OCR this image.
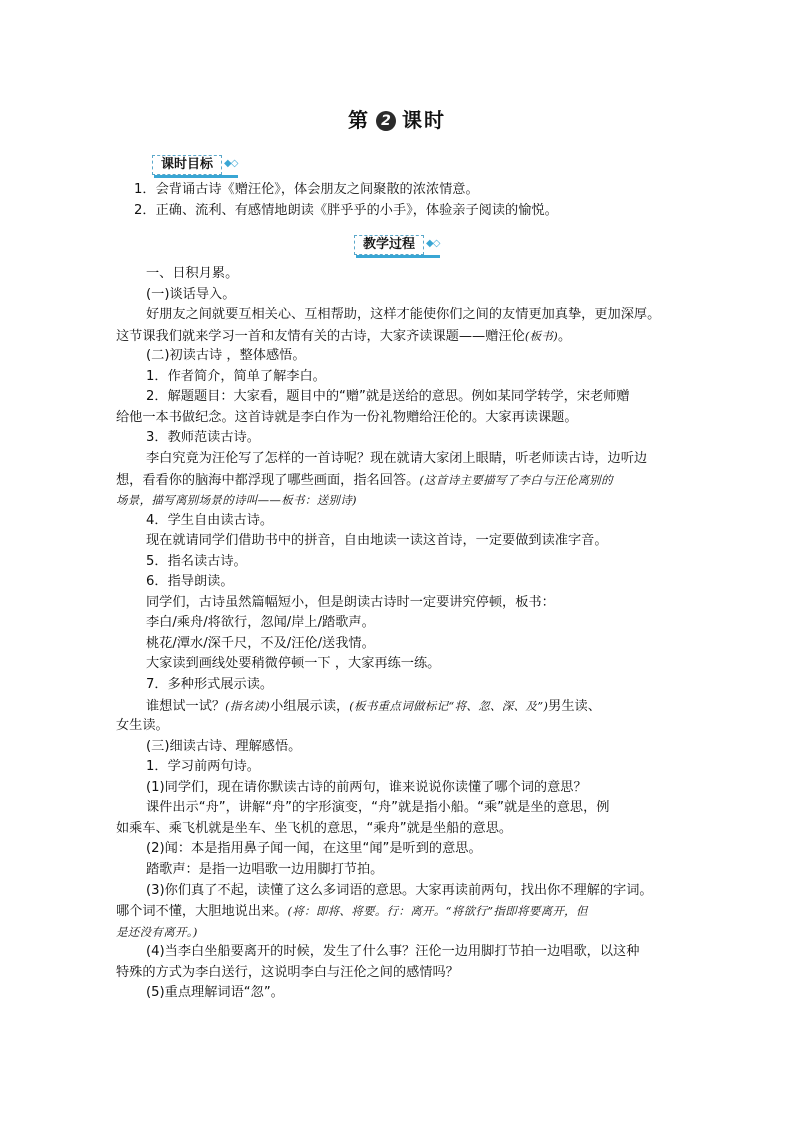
第 2 课时
课时目标	◆◇
1．会背诵古诗《赠汪伦》，体会朋友之间聚散的浓浓情意。
2．正确、流利、有感情地朗读《胖乎乎的小手》，体验亲子阅读的愉悦。
教学过程	◆◇
一、日积月累。
(一)谈话导入。
好朋友之间就要互相关心、互相帮助，这样才能使你们之间的友情更加真挚，更加深厚。
这节课我们就来学习一首和友情有关的古诗，大家齐读课题——赠汪伦(板书)。
(二)初读古诗 ，整体感悟。
1．作者简介，简单了解李白。
2．解题题目：大家看，题目中的“赠”就是送给的意思。例如某同学转学，宋老师赠
给他一本书做纪念。这首诗就是李白作为一份礼物赠给汪伦的。大家再读课题。
3．教师范读古诗。
李白究竟为汪伦写了怎样的一首诗呢？现在就请大家闭上眼睛，听老师读古诗，边听边
想，看看你的脑海中都浮现了哪些画面，指名回答。(这首诗主要描写了李白与汪伦离别的
场景，描写离别场景的诗叫——板书：送别诗)
4．学生自由读古诗。
现在就请同学们借助书中的拼音，自由地读一读这首诗，一定要做到读准字音。
5．指名读古诗。
6．指导朗读。
同学们，古诗虽然篇幅短小，但是朗读古诗时一定要讲究停顿，板书：
李白/乘舟/将欲行，忽闻/岸上/踏歌声。
桃花/潭水/深千尺，不及/汪伦/送我情。
大家读到画线处要稍微停顿一下 ，大家再练一练。
7．多种形式展示读。
谁想试一试？(指名读)小组展示读，(板书重点词做标记“将、忽、深、及”)男生读、
女生读。
(三)细读古诗、理解感悟。
1．学习前两句诗。
(1)同学们，现在请你默读古诗的前两句，谁来说说你读懂了哪个词的意思？
课件出示“舟”，讲解“舟”的字形演变，“舟”就是指小船。“乘”就是坐的意思，例
如乘车、乘飞机就是坐车、坐飞机的意思，“乘舟”就是坐船的意思。
(2)闻：本是指用鼻子闻一闻，在这里“闻”是听到的意思。
踏歌声：是指一边唱歌一边用脚打节拍。
(3)你们真了不起，读懂了这么多词语的意思。大家再读前两句，找出你不理解的字词。
哪个词不懂，大胆地说出来。(将：即将、将要。行：离开。“将欲行”指即将要离开，但
是还没有离开。)
(4)当李白坐船要离开的时候，发生了什么事？汪伦一边用脚打节拍一边唱歌，以这种
特殊的方式为李白送行，这说明李白与汪伦之间的感情吗？
(5)重点理解词语“忽”。
